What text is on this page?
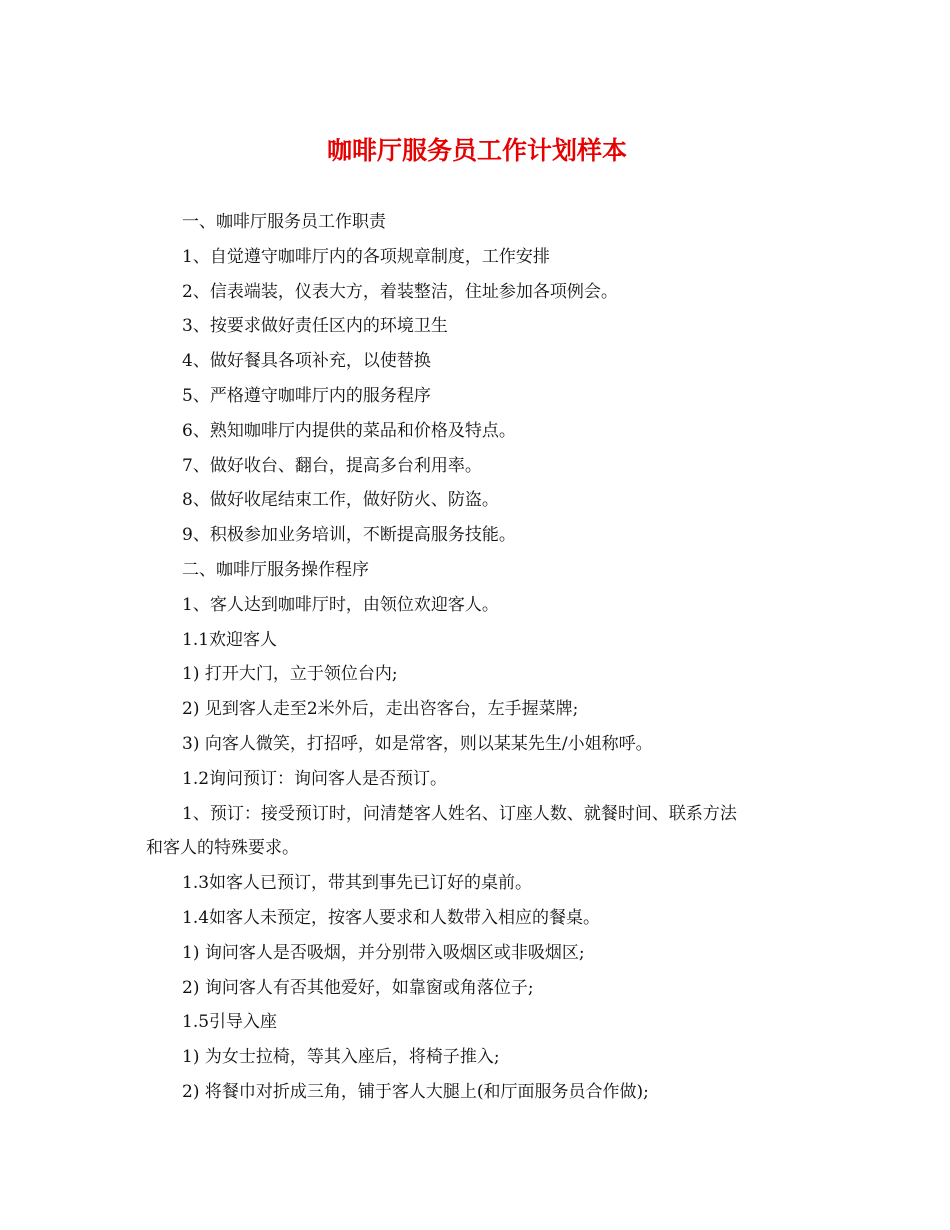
咖啡厅服务员工作计划样本
一、咖啡厅服务员工作职责
1、自觉遵守咖啡厅内的各项规章制度，工作安排
2、信表端装，仪表大方，着装整洁，住址参加各项例会。
3、按要求做好责任区内的环境卫生
4、做好餐具各项补充，以使替换
5、严格遵守咖啡厅内的服务程序
6、熟知咖啡厅内提供的菜品和价格及特点。
7、做好收台、翻台，提高多台利用率。
8、做好收尾结束工作，做好防火、防盗。
9、积极参加业务培训，不断提高服务技能。
二、咖啡厅服务操作程序
1、客人达到咖啡厅时，由领位欢迎客人。
1.1欢迎客人
1) 打开大门，立于领位台内;
2) 见到客人走至2米外后，走出咨客台，左手握菜牌;
3) 向客人微笑，打招呼，如是常客，则以某某先生/小姐称呼。
1.2询问预订：询问客人是否预订。
1、预订：接受预订时，问清楚客人姓名、订座人数、就餐时间、联系方法
和客人的特殊要求。
1.3如客人已预订，带其到事先已订好的桌前。
1.4如客人未预定，按客人要求和人数带入相应的餐桌。
1) 询问客人是否吸烟，并分别带入吸烟区或非吸烟区;
2) 询问客人有否其他爱好，如靠窗或角落位子;
1.5引导入座
1) 为女士拉椅，等其入座后，将椅子推入;
2) 将餐巾对折成三角，铺于客人大腿上(和厅面服务员合作做);
